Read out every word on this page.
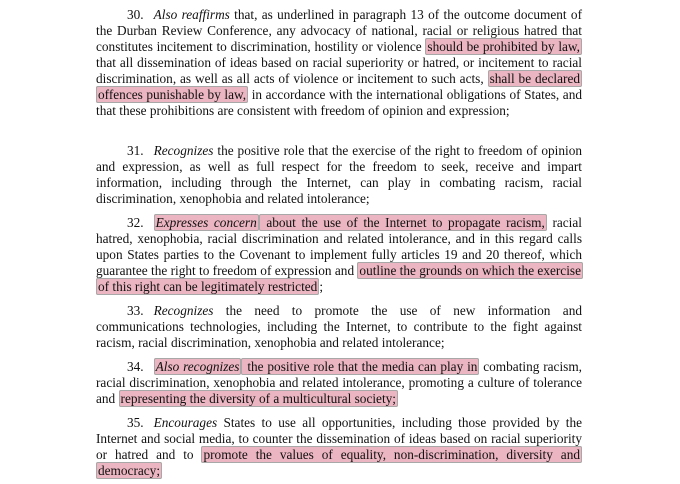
30. Also reaffirms that, as underlined in paragraph 13 of the outcome document of the Durban Review Conference, any advocacy of national, racial or religious hatred that constitutes incitement to discrimination, hostility or violence should be prohibited by law, that all dissemination of ideas based on racial superiority or hatred, or incitement to racial discrimination, as well as all acts of violence or incitement to such acts, shall be declared offences punishable by law, in accordance with the international obligations of States, and that these prohibitions are consistent with freedom of opinion and expression;

31. Recognizes the positive role that the exercise of the right to freedom of opinion and expression, as well as full respect for the freedom to seek, receive and impart information, including through the Internet, can play in combating racism, racial discrimination, xenophobia and related intolerance;

32. Expresses concern about the use of the Internet to propagate racism, racial hatred, xenophobia, racial discrimination and related intolerance, and in this regard calls upon States parties to the Covenant to implement fully articles 19 and 20 thereof, which guarantee the right to freedom of expression and outline the grounds on which the exercise of this right can be legitimately restricted ;

33. Recognizes the need to promote the use of new information and communications technologies, including the Internet, to contribute to the fight against racism, racial discrimination, xenophobia and related intolerance;

34. Also recognizes the positive role that the media can play in combating racism, racial discrimination, xenophobia and related intolerance, promoting a culture of tolerance and representing the diversity of a multicultural society;

35. Encourages States to use all opportunities, including those provided by the Internet and social media, to counter the dissemination of ideas based on racial superiority or hatred and to promote the values of equality, non-discrimination, diversity and democracy;
